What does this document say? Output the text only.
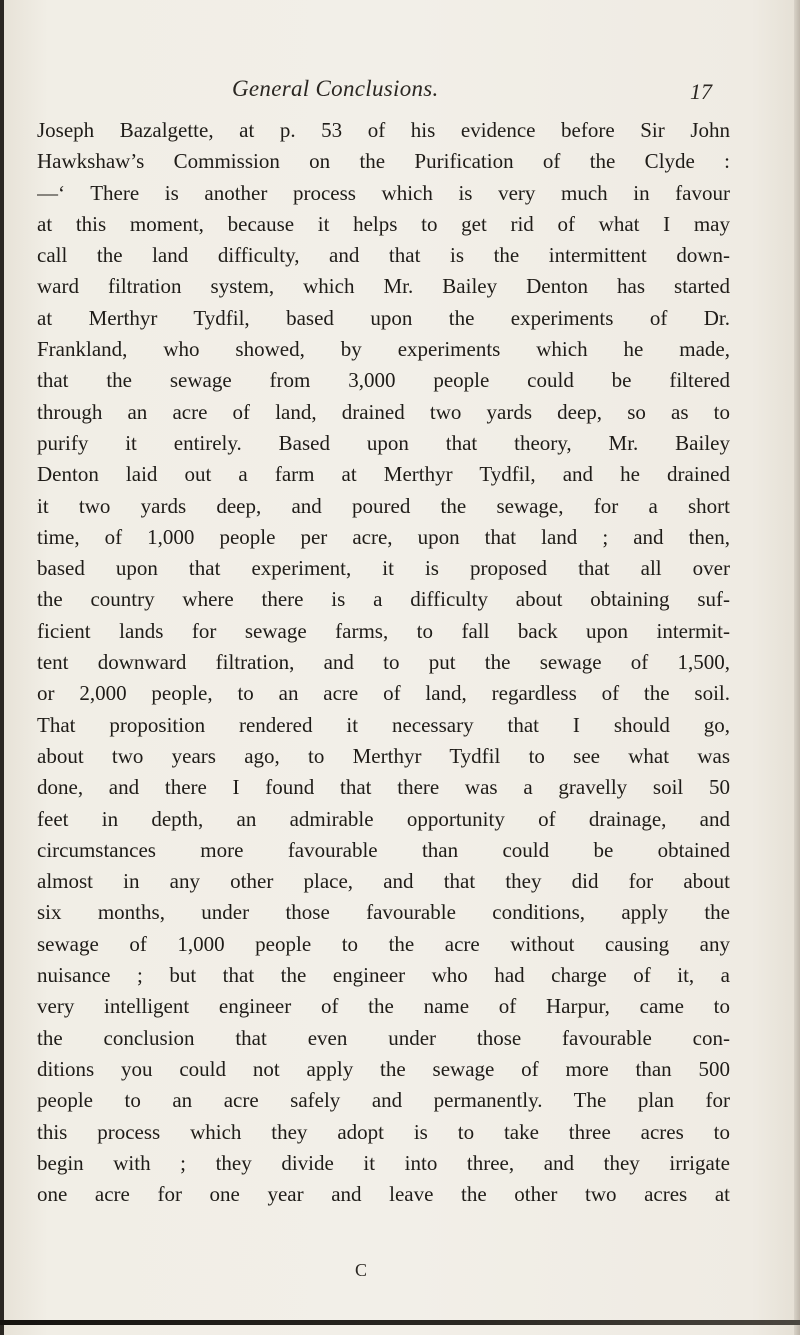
General Conclusions.	17
Joseph Bazalgette, at p. 53 of his evidence before Sir John
Hawkshaw’s Commission on the Purification of the Clyde :
—‘ There is another process which is very much in favour
at this moment, because it helps to get rid of what I may
call the land difficulty, and that is the intermittent down-
ward filtration system, which Mr. Bailey Denton has started
at Merthyr Tydfil, based upon the experiments of Dr.
Frankland, who showed, by experiments which he made,
that the sewage from 3,000 people could be filtered
through an acre of land, drained two yards deep, so as to
purify it entirely. Based upon that theory, Mr. Bailey
Denton laid out a farm at Merthyr Tydfil, and he drained
it two yards deep, and poured the sewage, for a short
time, of 1,000 people per acre, upon that land ; and then,
based upon that experiment, it is proposed that all over
the country where there is a difficulty about obtaining suf-
ficient lands for sewage farms, to fall back upon intermit-
tent downward filtration, and to put the sewage of 1,500,
or 2,000 people, to an acre of land, regardless of the soil.
That proposition rendered it necessary that I should go,
about two years ago, to Merthyr Tydfil to see what was
done, and there I found that there was a gravelly soil 50
feet in depth, an admirable opportunity of drainage, and
circumstances more favourable than could be obtained
almost in any other place, and that they did for about
six months, under those favourable conditions, apply the
sewage of 1,000 people to the acre without causing any
nuisance ; but that the engineer who had charge of it, a
very intelligent engineer of the name of Harpur, came to
the conclusion that even under those favourable con-
ditions you could not apply the sewage of more than 500
people to an acre safely and permanently. The plan for
this process which they adopt is to take three acres to
begin with ; they divide it into three, and they irrigate
one acre for one year and leave the other two acres at
C
